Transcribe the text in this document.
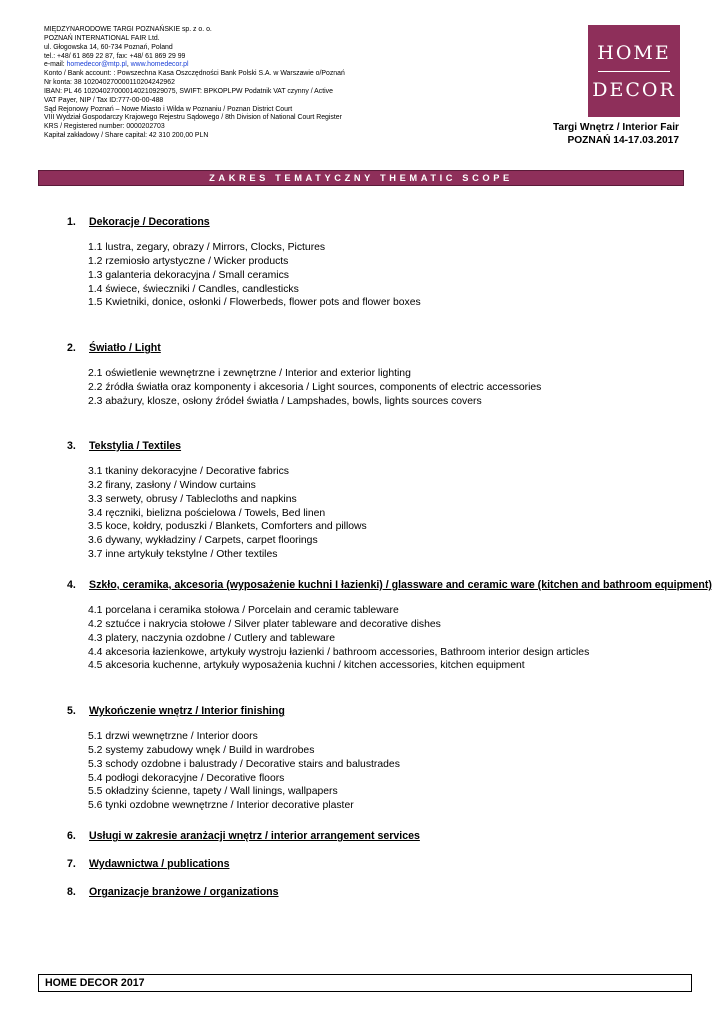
MIĘDZYNARODOWE TARGI POZNAŃSKIE sp. z o. o.
POZNAŃ INTERNATIONAL FAIR Ltd.
ul. Głogowska 14, 60-734 Poznań, Poland
tel.: +48/ 61 869 22 87, fax: +48/ 61 869 29 99
e-mail: homedecor@mtp.pl, www.homedecor.pl
Konto / Bank account: : Powszechna Kasa Oszczędności Bank Polski S.A. w Warszawie o/Poznań
Nr konta: 38 102040270000110204242962
IBAN: PL 46 102040270000140210929075, SWIFT: BPKOPLPW Podatnik VAT czynny / Active
VAT Payer, NIP / Tax ID:777-00-00-488
Sąd Rejonowy Poznań – Nowe Miasto i Wilda w Poznaniu / Poznan District Court
VIII Wydział Gospodarczy Krajowego Rejestru Sądowego / 8th Division of National Court Register
KRS / Registered number: 0000202703
Kapitał zakładowy / Share capital: 42 310 200,00 PLN
HOME
DECOR
Targi Wnętrz / Interior Fair
POZNAŃ 14-17.03.2017
ZAKRES TEMATYCZNY THEMATIC SCOPE
1. Dekoracje / Decorations
1.1 lustra, zegary, obrazy / Mirrors, Clocks, Pictures
1.2 rzemiosło artystyczne / Wicker products
1.3 galanteria dekoracyjna / Small ceramics
1.4 świece, świeczniki / Candles, candlesticks
1.5 Kwietniki, donice, osłonki / Flowerbeds, flower pots and flower boxes
2. Światło / Light
2.1 oświetlenie wewnętrzne i zewnętrzne / Interior and exterior lighting
2.2 źródła światła oraz komponenty i akcesoria / Light sources, components of electric accessories
2.3 abażury, klosze, osłony źródeł światła / Lampshades, bowls, lights sources covers
3. Tekstylia / Textiles
3.1 tkaniny dekoracyjne / Decorative fabrics
3.2 firany, zasłony / Window curtains
3.3 serwety, obrusy / Tablecloths and napkins
3.4 ręczniki, bielizna pościelowa / Towels, Bed linen
3.5 koce, kołdry, poduszki / Blankets, Comforters and pillows
3.6 dywany, wykładziny / Carpets, carpet floorings
3.7 inne artykuły tekstylne / Other textiles
4. Szkło, ceramika, akcesoria (wyposażenie kuchni I łazienki) / glassware and ceramic ware (kitchen and bathroom equipment)
4.1 porcelana i ceramika stołowa / Porcelain and ceramic tableware
4.2 sztućce i nakrycia stołowe / Silver plater tableware and decorative dishes
4.3 platery, naczynia ozdobne / Cutlery and tableware
4.4 akcesoria łazienkowe, artykuły wystroju łazienki / bathroom accessories, Bathroom interior design articles
4.5 akcesoria kuchenne, artykuły wyposażenia kuchni / kitchen accessories, kitchen equipment
5. Wykończenie wnętrz / Interior finishing
5.1 drzwi wewnętrzne / Interior doors
5.2 systemy zabudowy wnęk / Build in wardrobes
5.3 schody ozdobne i balustrady / Decorative stairs and balustrades
5.4 podłogi dekoracyjne / Decorative floors
5.5 okładziny ścienne, tapety / Wall linings, wallpapers
5.6 tynki ozdobne wewnętrzne / Interior decorative plaster
6. Usługi w zakresie aranżacji wnętrz / interior arrangement services
7. Wydawnictwa / publications
8. Organizacje branżowe / organizations
HOME DECOR 2017
